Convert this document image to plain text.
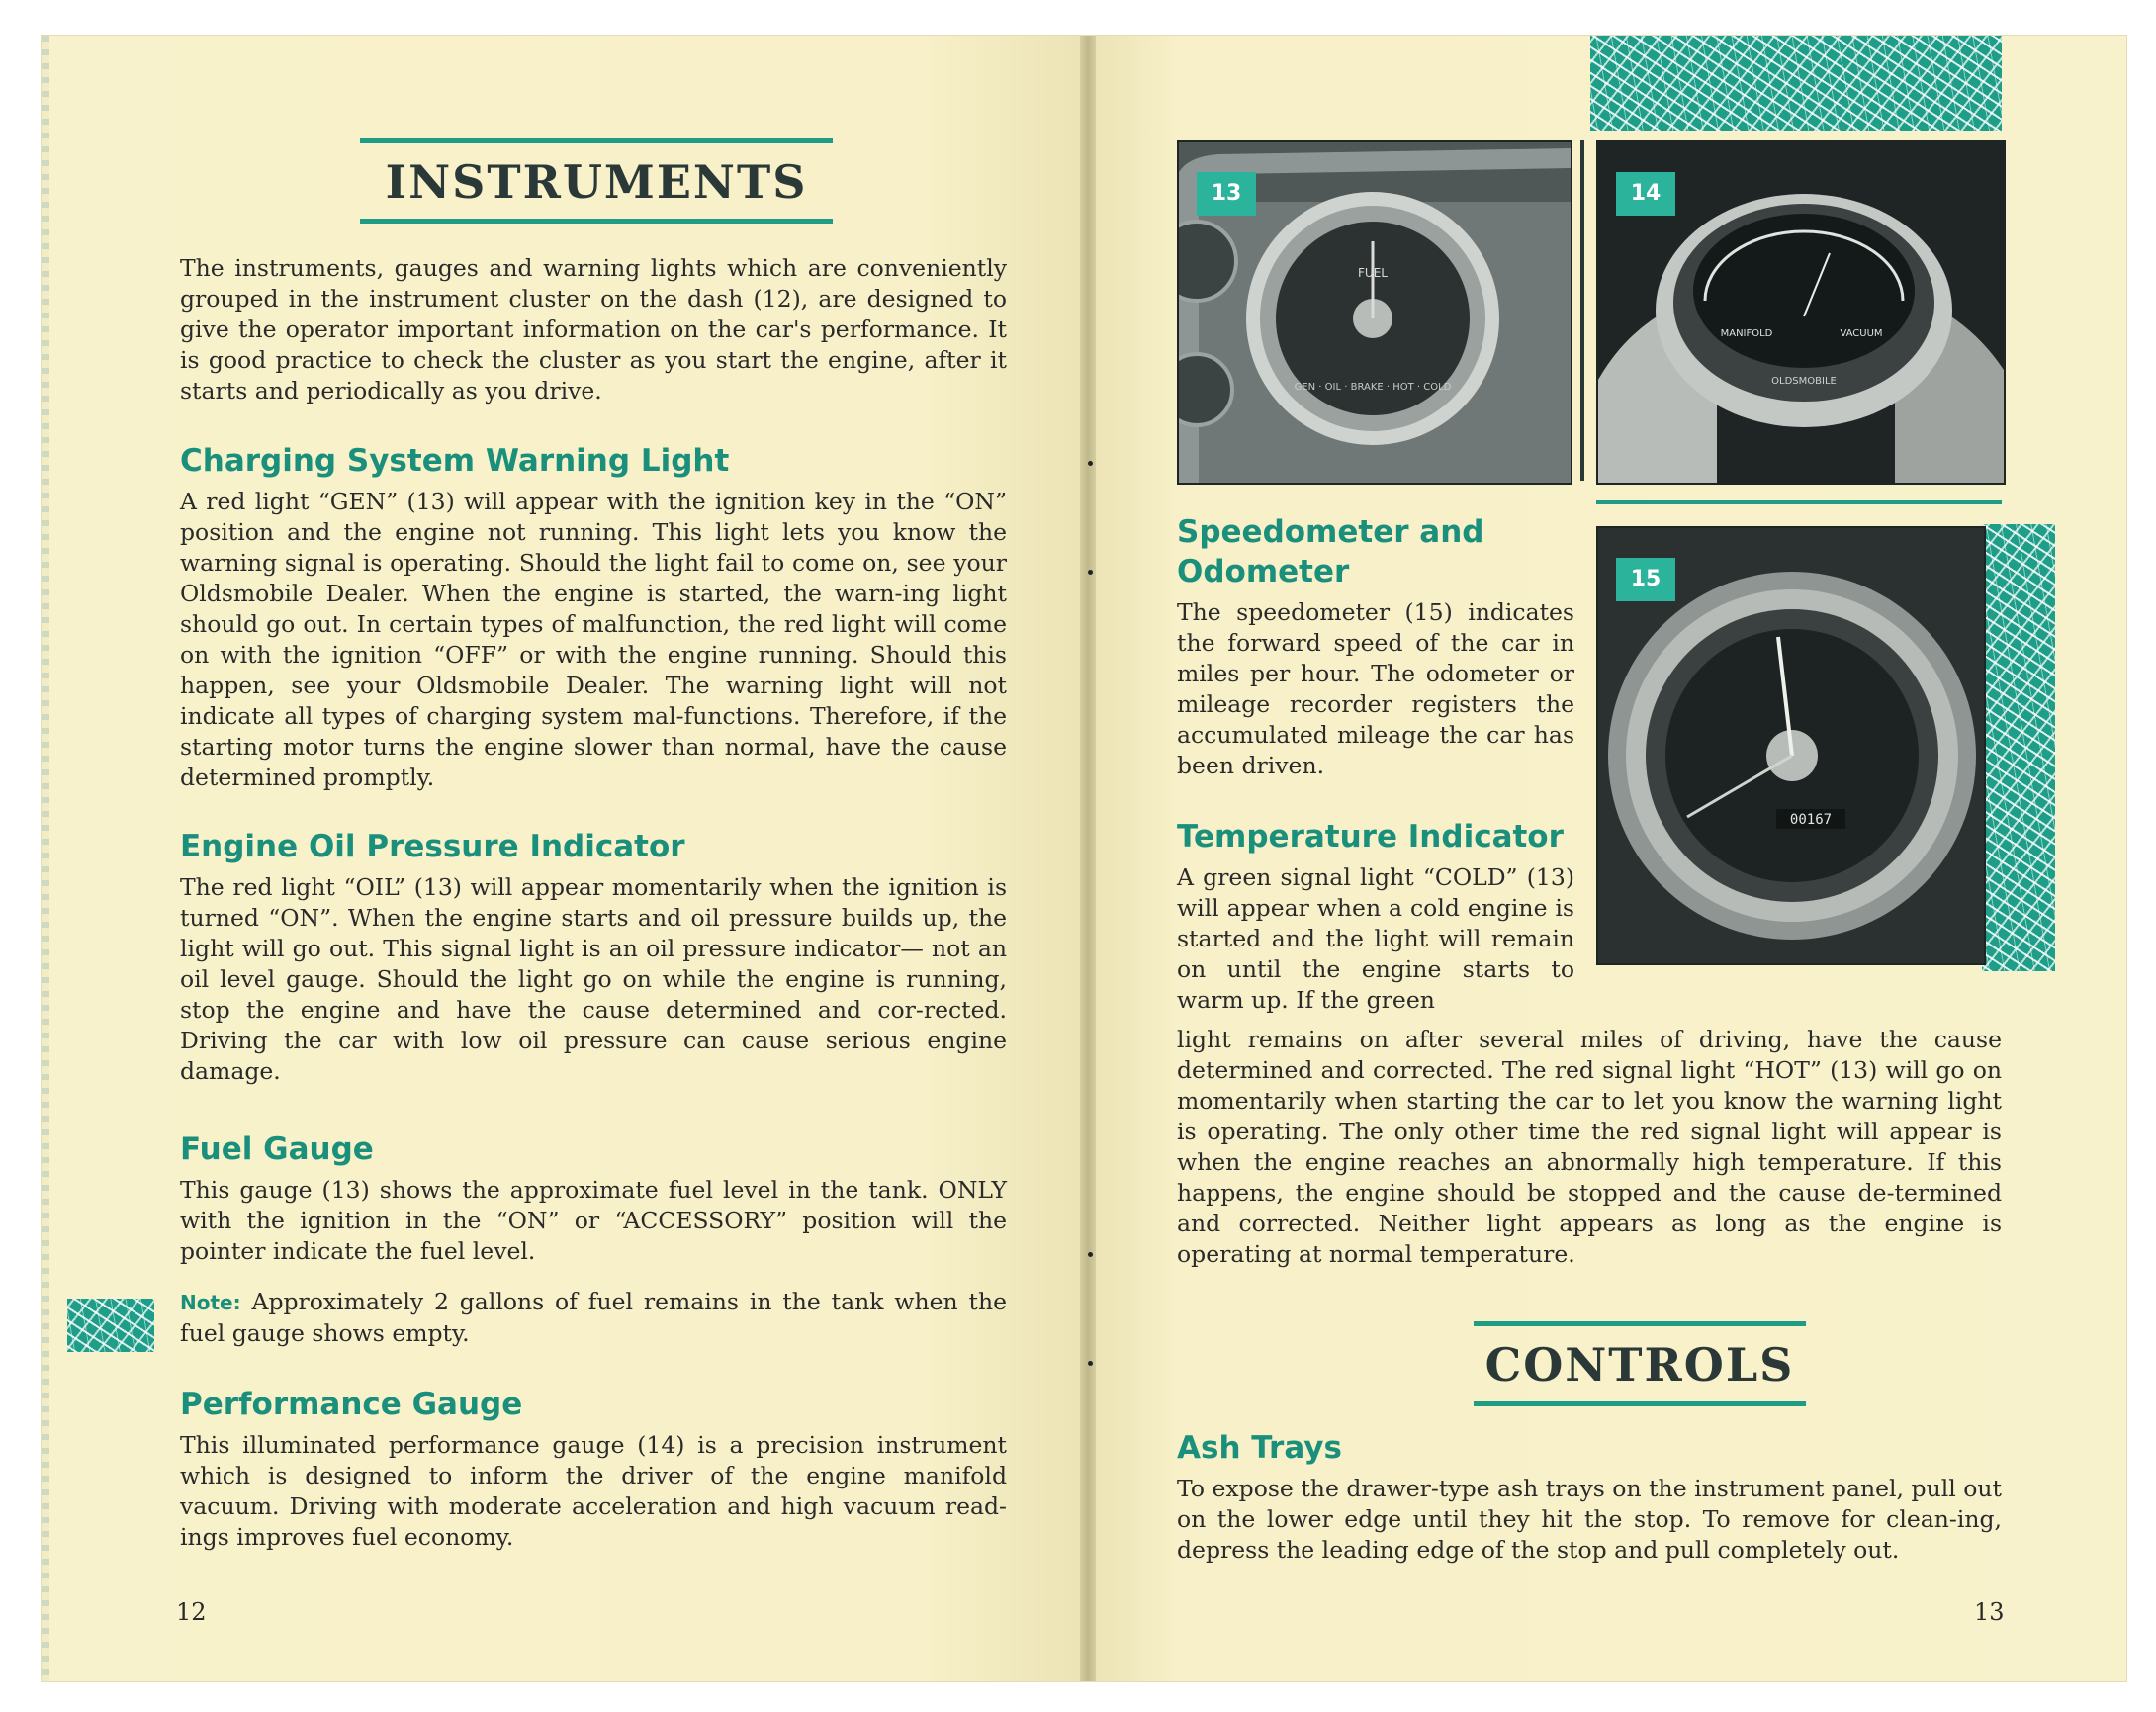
INSTRUMENTS
The instruments, gauges and warning lights which are conveniently grouped in the instrument cluster on the dash (12), are designed to give the operator important information on the car's performance. It is good practice to check the cluster as you start the engine, after it starts and periodically as you drive.
Charging System Warning Light
A red light “GEN” (13) will appear with the ignition key in the “ON” position and the engine not running. This light lets you know the warning signal is operating. Should the light fail to come on, see your Oldsmobile Dealer. When the engine is started, the warn-ing light should go out. In certain types of malfunction, the red light will come on with the ignition “OFF” or with the engine running. Should this happen, see your Oldsmobile Dealer. The warning light will not indicate all types of charging system mal-functions. Therefore, if the starting motor turns the engine slower than normal, have the cause determined promptly.
Engine Oil Pressure Indicator
The red light “OIL” (13) will appear momentarily when the ignition is turned “ON”. When the engine starts and oil pressure builds up, the light will go out. This signal light is an oil pressure indicator— not an oil level gauge. Should the light go on while the engine is running, stop the engine and have the cause determined and cor-rected. Driving the car with low oil pressure can cause serious engine damage.
Fuel Gauge
This gauge (13) shows the approximate fuel level in the tank. ONLY with the ignition in the “ON” or “ACCESSORY” position will the pointer indicate the fuel level.
Note: Approximately 2 gallons of fuel remains in the tank when the fuel gauge shows empty.
Performance Gauge
This illuminated performance gauge (14) is a precision instrument which is designed to inform the driver of the engine manifold vacuum. Driving with moderate acceleration and high vacuum read-ings improves fuel economy.
12
FUEL
GEN · OIL · BRAKE · HOT · COLD
13
MANIFOLD	VACUUM
OLDSMOBILE
14
00167
15
Speedometer and Odometer
The speedometer (15) indicates the forward speed of the car in miles per hour. The odometer or mileage recorder registers the accumulated mileage the car has been driven.
Temperature Indicator
A green signal light “COLD” (13) will appear when a cold engine is started and the light will remain on until the engine starts to warm up. If the green
light remains on after several miles of driving, have the cause determined and corrected. The red signal light “HOT” (13) will go on momentarily when starting the car to let you know the warning light is operating. The only other time the red signal light will appear is when the engine reaches an abnormally high temperature. If this happens, the engine should be stopped and the cause de-termined and corrected. Neither light appears as long as the engine is operating at normal temperature.
CONTROLS
Ash Trays
To expose the drawer-type ash trays on the instrument panel, pull out on the lower edge until they hit the stop. To remove for clean-ing, depress the leading edge of the stop and pull completely out.
13
